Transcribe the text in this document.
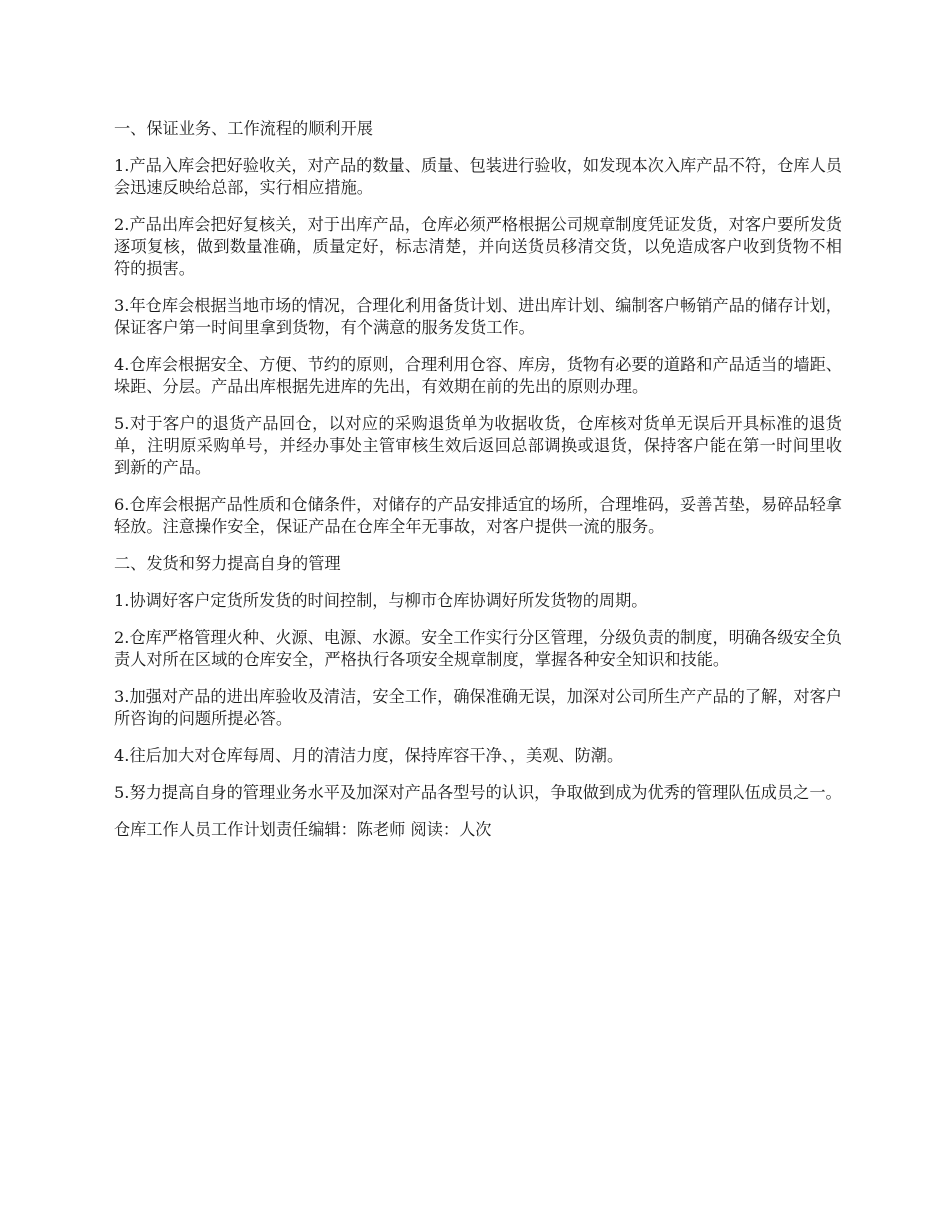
一、保证业务、工作流程的顺利开展

1.产品入库会把好验收关，对产品的数量、质量、包装进行验收，如发现本次入库产品不符，仓库人员会迅速反映给总部，实行相应措施。

2.产品出库会把好复核关，对于出库产品，仓库必须严格根据公司规章制度凭证发货，对客户要所发货逐项复核，做到数量准确，质量定好，标志清楚，并向送货员移清交货，以免造成客户收到货物不相符的损害。

3.年仓库会根据当地市场的情况，合理化利用备货计划、进出库计划、编制客户畅销产品的储存计划，保证客户第一时间里拿到货物，有个满意的服务发货工作。

4.仓库会根据安全、方便、节约的原则，合理利用仓容、库房，货物有必要的道路和产品适当的墙距、垛距、分层。产品出库根据先进库的先出，有效期在前的先出的原则办理。

5.对于客户的退货产品回仓，以对应的采购退货单为收据收货，仓库核对货单无误后开具标准的退货单，注明原采购单号，并经办事处主管审核生效后返回总部调换或退货，保持客户能在第一时间里收到新的产品。

6.仓库会根据产品性质和仓储条件，对储存的产品安排适宜的场所，合理堆码，妥善苫垫，易碎品轻拿轻放。注意操作安全，保证产品在仓库全年无事故，对客户提供一流的服务。

二、发货和努力提高自身的管理

1.协调好客户定货所发货的时间控制，与柳市仓库协调好所发货物的周期。

2.仓库严格管理火种、火源、电源、水源。安全工作实行分区管理，分级负责的制度，明确各级安全负责人对所在区域的仓库安全，严格执行各项安全规章制度，掌握各种安全知识和技能。

3.加强对产品的进出库验收及清洁，安全工作，确保准确无误，加深对公司所生产产品的了解，对客户所咨询的问题所提必答。

4.往后加大对仓库每周、月的清洁力度，保持库容干净、，美观、防潮。

5.努力提高自身的管理业务水平及加深对产品各型号的认识，争取做到成为优秀的管理队伍成员之一。

仓库工作人员工作计划责任编辑：陈老师 阅读：人次
